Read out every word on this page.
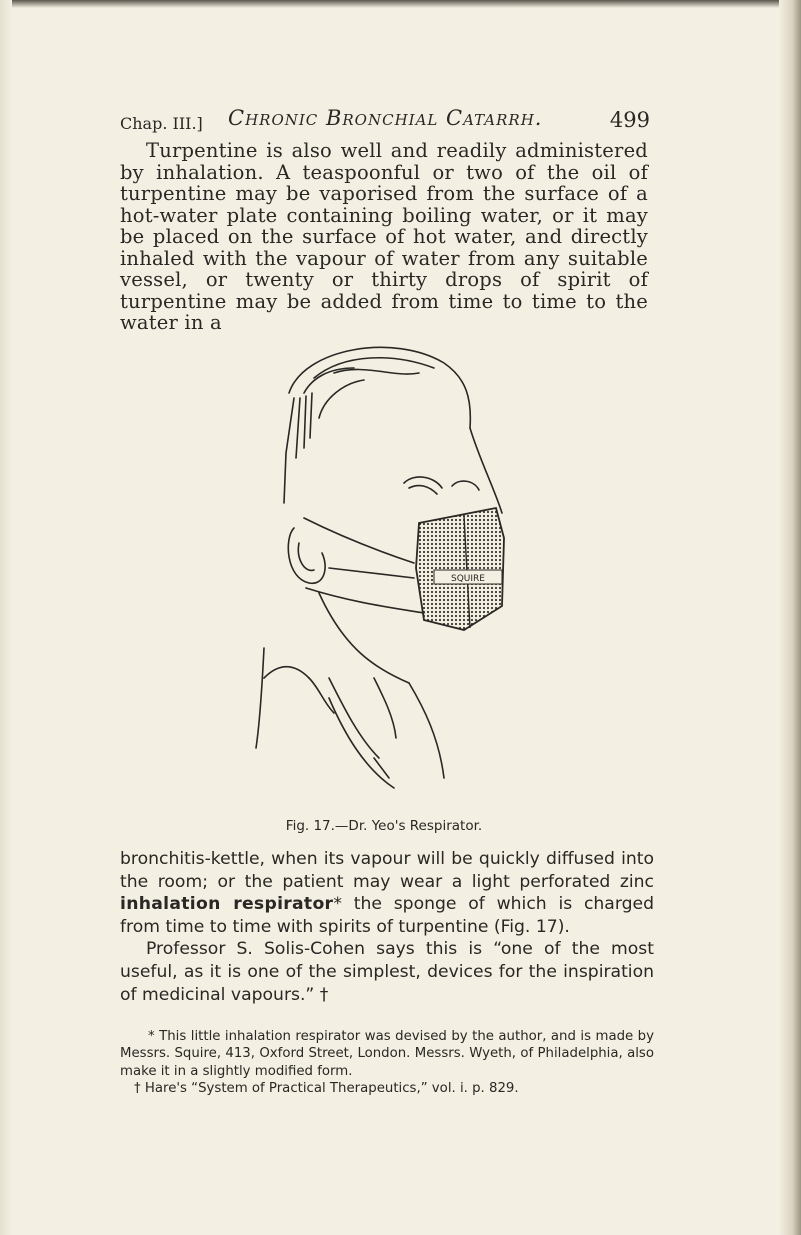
Chap. III.] Chronic Bronchial Catarrh.	499
Turpentine is also well and readily administered by inhalation. A teaspoonful or two of the oil of turpentine may be vaporised from the surface of a hot-water plate containing boiling water, or it may be placed on the surface of hot water, and directly inhaled with the vapour of water from any suitable vessel, or twenty or thirty drops of spirit of turpentine may be added from time to time to the water in a
SQUIRE
Fig. 17.—Dr. Yeo's Respirator.

bronchitis-kettle, when its vapour will be quickly diffused into the room; or the patient may wear a light perforated zinc inhalation respirator* the sponge of which is charged from time to time with spirits of turpentine (Fig. 17).

Professor S. Solis-Cohen says this is “one of the most useful, as it is one of the simplest, devices for the inspiration of medicinal vapours.” †

* This little inhalation respirator was devised by the author, and is made by Messrs. Squire, 413, Oxford Street, London. Messrs. Wyeth, of Philadelphia, also make it in a slightly modified form.

† Hare's “System of Practical Therapeutics,” vol. i. p. 829.
